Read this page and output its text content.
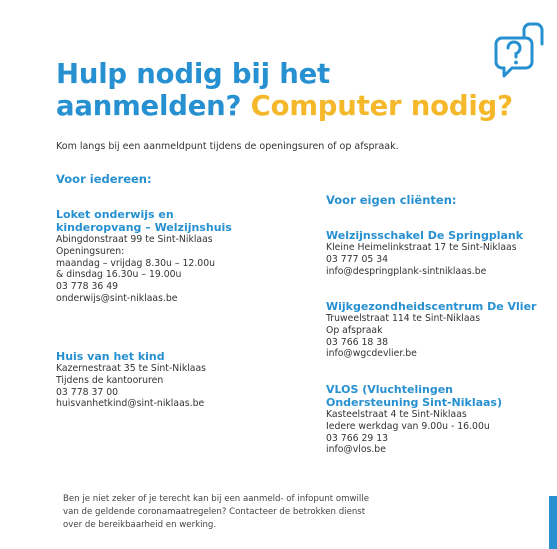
Hulp nodig bij het
aanmelden? Computer nodig?

Kom langs bij een aanmeldpunt tijdens de openingsuren of op afspraak.

Voor iedereen:
Loket onderwijs en
kinderopvang – Welzijnshuis
Abingdonstraat 99 te Sint-Niklaas
Openingsuren:
maandag – vrijdag 8.30u – 12.00u
& dinsdag 16.30u – 19.00u
03 778 36 49
onderwijs@sint-niklaas.be
Huis van het kind
Kazernestraat 35 te Sint-Niklaas
Tijdens de kantooruren
03 778 37 00
huisvanhetkind@sint-niklaas.be
Voor eigen cliënten:
Welzijnsschakel De Springplank
Kleine Heimelinkstraat 17 te Sint-Niklaas
03 777 05 34
info@despringplank-sintniklaas.be
Wijkgezondheidscentrum De Vlier
Truweelstraat 114 te Sint-Niklaas
Op afspraak
03 766 18 38
info@wgcdevlier.be
VLOS (Vluchtelingen
Ondersteuning Sint-Niklaas)
Kasteelstraat 4 te Sint-Niklaas
Iedere werkdag van 9.00u - 16.00u
03 766 29 13
info@vlos.be
Ben je niet zeker of je terecht kan bij een aanmeld- of infopunt omwille
van de geldende coronamaatregelen? Contacteer de betrokken dienst
over de bereikbaarheid en werking.
